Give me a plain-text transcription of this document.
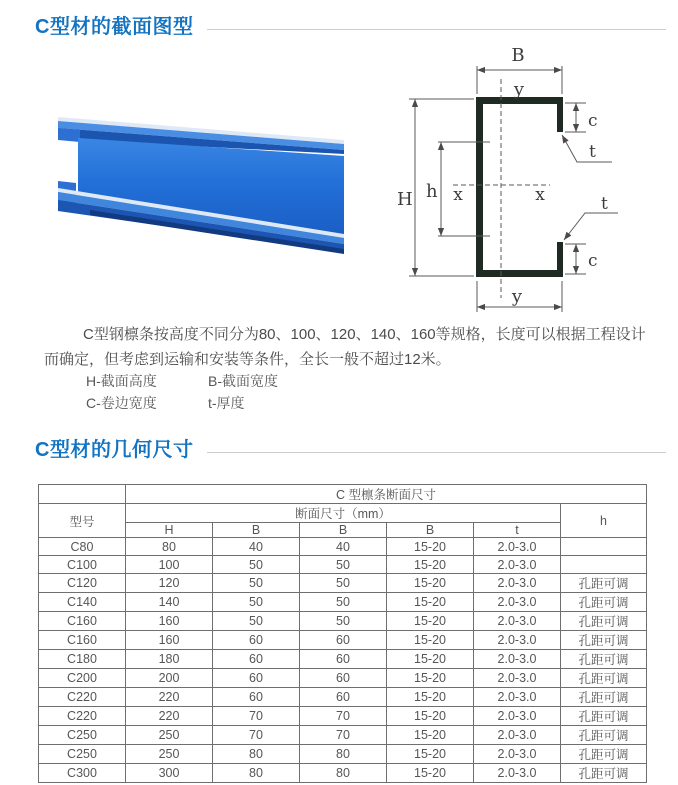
C型材的截面图型
B
y
H h x	x
c
t
t
c
y

C型钢檩条按高度不同分为80、100、120、140、160等规格，长度可以根据工程设计而确定，但考虑到运输和安装等条件，全长一般不超过12米。

H-截面高度	B-截面宽度
C-卷边宽度	t-厚度
C型材的几何尺寸
	C 型檩条断面尺寸					
型号	断面尺寸（mm）					h
	H	B	B	B	t	
C80	80	40	40	15-20	2.0-3.0	
C100	100	50	50	15-20	2.0-3.0	
C120	120	50	50	15-20	2.0-3.0	孔距可调
C140	140	50	50	15-20	2.0-3.0	孔距可调
C160	160	50	50	15-20	2.0-3.0	孔距可调
C160	160	60	60	15-20	2.0-3.0	孔距可调
C180	180	60	60	15-20	2.0-3.0	孔距可调
C200	200	60	60	15-20	2.0-3.0	孔距可调
C220	220	60	60	15-20	2.0-3.0	孔距可调
C220	220	70	70	15-20	2.0-3.0	孔距可调
C250	250	70	70	15-20	2.0-3.0	孔距可调
C250	250	80	80	15-20	2.0-3.0	孔距可调
C300	300	80	80	15-20	2.0-3.0	孔距可调
